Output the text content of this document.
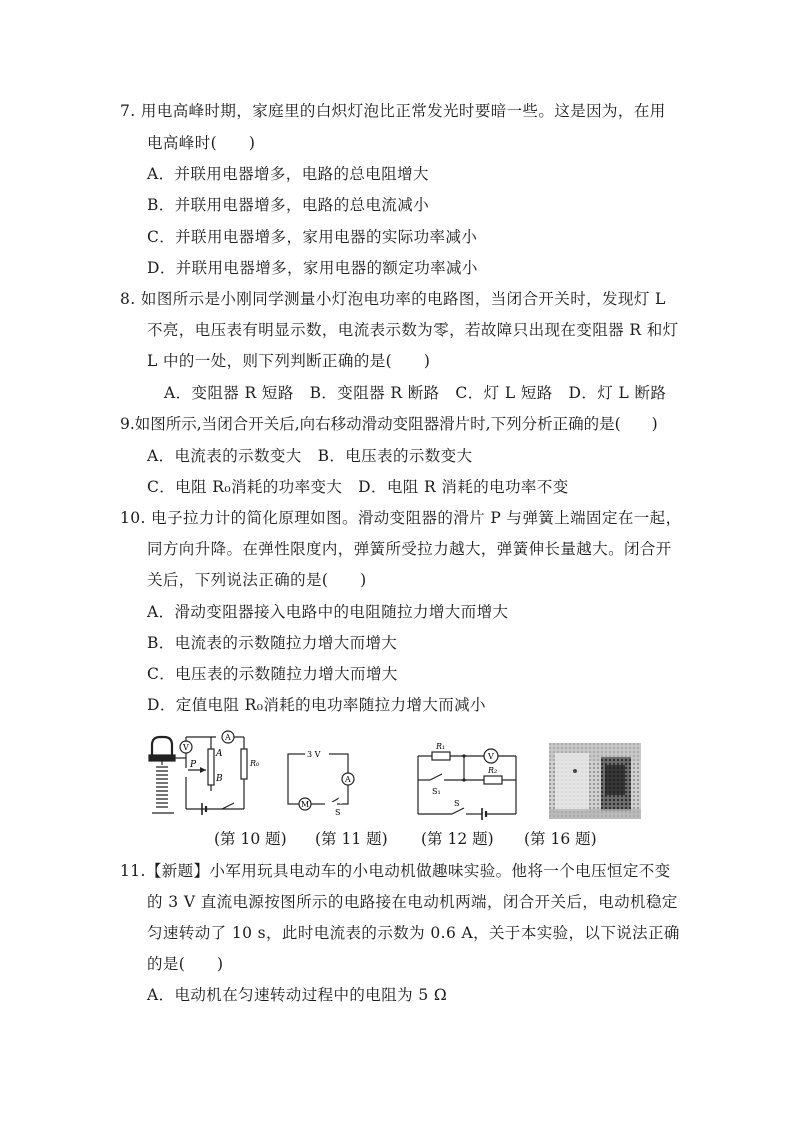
7. 用电高峰时期，家庭里的白炽灯泡比正常发光时要暗一些。这是因为，在用
电高峰时(　　)
A．并联用电器增多，电路的总电阻增大
B．并联用电器增多，电路的总电流减小
C．并联用电器增多，家用电器的实际功率减小
D．并联用电器增多，家用电器的额定功率减小
8. 如图所示是小刚同学测量小灯泡电功率的电路图，当闭合开关时，发现灯 L
不亮，电压表有明显示数，电流表示数为零，若故障只出现在变阻器 R 和灯
L 中的一处，则下列判断正确的是(　　)
A．变阻器 R 短路　B．变阻器 R 断路　C．灯 L 短路　D．灯 L 断路
9.如图所示,当闭合开关后,向右移动滑动变阻器滑片时,下列分析正确的是(　　)
A．电流表的示数变大　B．电压表的示数变大
C．电阻 R₀消耗的功率变大　D．电阻 R 消耗的电功率不变
10. 电子拉力计的简化原理如图。滑动变阻器的滑片 P 与弹簧上端固定在一起，
同方向升降。在弹性限度内，弹簧所受拉力越大，弹簧伸长量越大。闭合开
关后，下列说法正确的是(　　)
A．滑动变阻器接入电路中的电阻随拉力增大而增大
B．电流表的示数随拉力增大而增大
C．电压表的示数随拉力增大而增大
D．定值电阻 R₀消耗的电功率随拉力增大而减小
V
A
A
P
B
R₀
3 V
A
M
S
R₁
V
S₁
R₂
S
(第 10 题) (第 11 题) (第 12 题) (第 16 题)
11.【新题】小军用玩具电动车的小电动机做趣味实验。他将一个电压恒定不变
的 3 V 直流电源按图所示的电路接在电动机两端，闭合开关后，电动机稳定
匀速转动了 10 s，此时电流表的示数为 0.6 A，关于本实验，以下说法正确
的是(　　)
A．电动机在匀速转动过程中的电阻为 5 Ω
